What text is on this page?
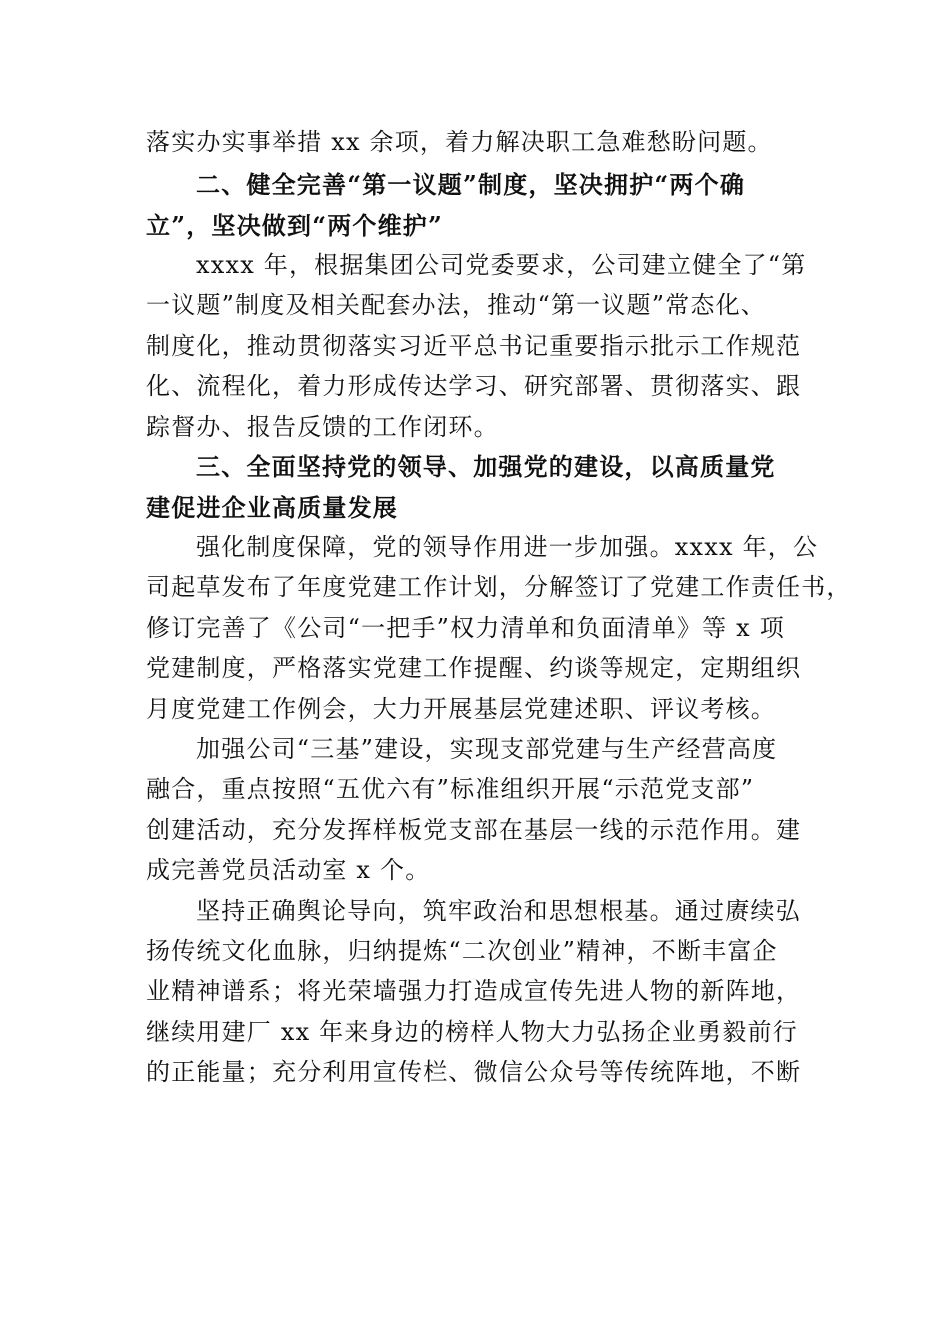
落实办实事举措 xx 余项，着力解决职工急难愁盼问题。
二、健全完善“第一议题”制度，坚决拥护“两个确
立”，坚决做到“两个维护”
xxxx 年，根据集团公司党委要求，公司建立健全了“第
一议题”制度及相关配套办法，推动“第一议题”常态化、
制度化，推动贯彻落实习近平总书记重要指示批示工作规范
化、流程化，着力形成传达学习、研究部署、贯彻落实、跟
踪督办、报告反馈的工作闭环。
三、全面坚持党的领导、加强党的建设，以高质量党
建促进企业高质量发展
强化制度保障，党的领导作用进一步加强。xxxx 年，公
司起草发布了年度党建工作计划，分解签订了党建工作责任书，
修订完善了《公司“一把手”权力清单和负面清单》等 x 项
党建制度，严格落实党建工作提醒、约谈等规定，定期组织
月度党建工作例会，大力开展基层党建述职、评议考核。
加强公司“三基”建设，实现支部党建与生产经营高度
融合，重点按照“五优六有”标准组织开展“示范党支部”
创建活动，充分发挥样板党支部在基层一线的示范作用。建
成完善党员活动室 x 个。
坚持正确舆论导向，筑牢政治和思想根基。通过赓续弘
扬传统文化血脉，归纳提炼“二次创业”精神，不断丰富企
业精神谱系；将光荣墙强力打造成宣传先进人物的新阵地，
继续用建厂 xx 年来身边的榜样人物大力弘扬企业勇毅前行
的正能量；充分利用宣传栏、微信公众号等传统阵地，不断
